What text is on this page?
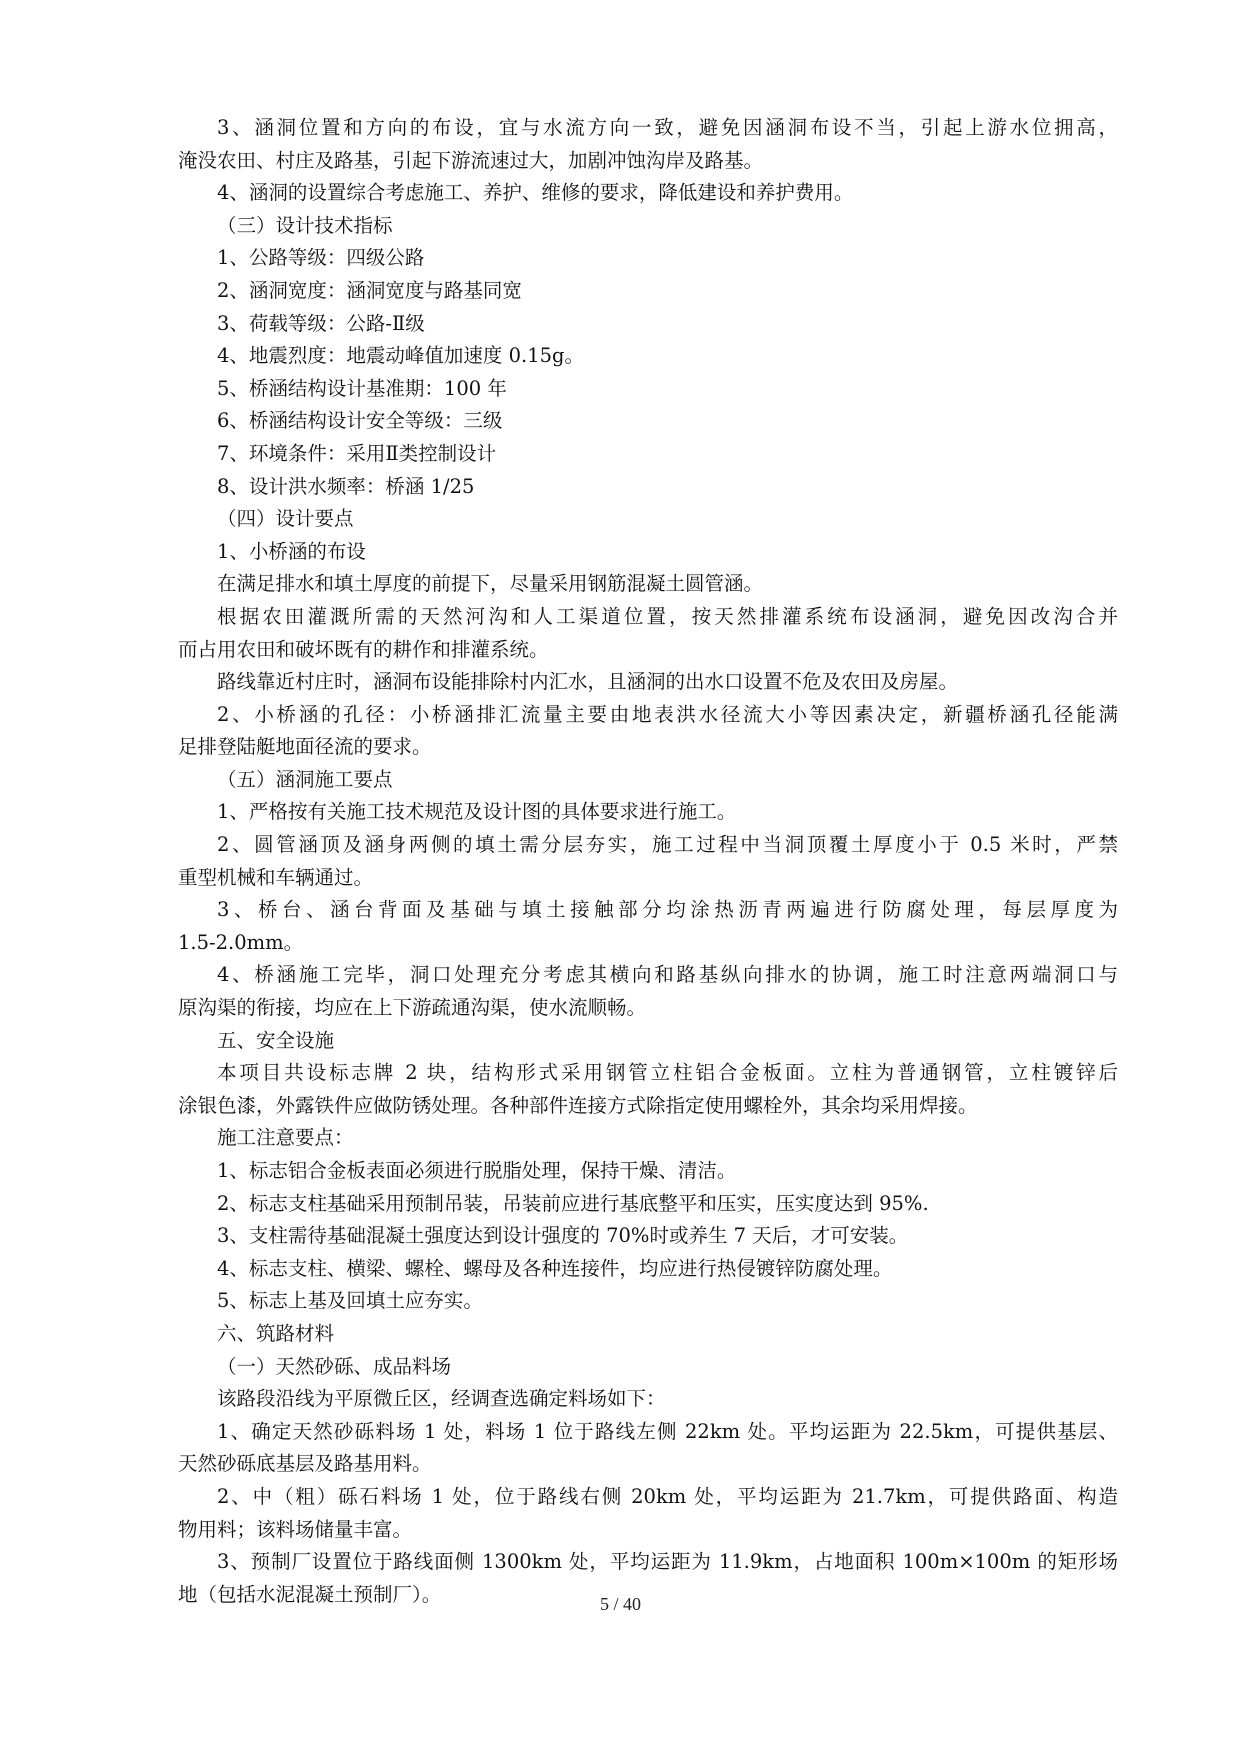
3、涵洞位置和方向的布设，宜与水流方向一致，避免因涵洞布设不当，引起上游水位拥高，
淹没农田、村庄及路基，引起下游流速过大，加剧冲蚀沟岸及路基。
4、涵洞的设置综合考虑施工、养护、维修的要求，降低建设和养护费用。
（三）设计技术指标
1、公路等级：四级公路
2、涵洞宽度：涵洞宽度与路基同宽
3、荷载等级：公路-Ⅱ级
4、地震烈度：地震动峰值加速度 0.15g。
5、桥涵结构设计基准期：100 年
6、桥涵结构设计安全等级：三级
7、环境条件：采用Ⅱ类控制设计
8、设计洪水频率：桥涵 1/25
（四）设计要点
1、小桥涵的布设
在满足排水和填土厚度的前提下，尽量采用钢筋混凝土圆管涵。
根据农田灌溉所需的天然河沟和人工渠道位置，按天然排灌系统布设涵洞，避免因改沟合并
而占用农田和破坏既有的耕作和排灌系统。
路线靠近村庄时，涵洞布设能排除村内汇水，且涵洞的出水口设置不危及农田及房屋。
2、小桥涵的孔径：小桥涵排汇流量主要由地表洪水径流大小等因素决定，新疆桥涵孔径能满
足排登陆艇地面径流的要求。
（五）涵洞施工要点
1、严格按有关施工技术规范及设计图的具体要求进行施工。
2、圆管涵顶及涵身两侧的填土需分层夯实，施工过程中当洞顶覆土厚度小于 0.5 米时，严禁
重型机械和车辆通过。
3、桥台、涵台背面及基础与填土接触部分均涂热沥青两遍进行防腐处理，每层厚度为
1.5-2.0mm。
4、桥涵施工完毕，洞口处理充分考虑其横向和路基纵向排水的协调，施工时注意两端洞口与
原沟渠的衔接，均应在上下游疏通沟渠，使水流顺畅。
五、安全设施
本项目共设标志牌 2 块，结构形式采用钢管立柱铝合金板面。立柱为普通钢管，立柱镀锌后
涂银色漆，外露铁件应做防锈处理。各种部件连接方式除指定使用螺栓外，其余均采用焊接。
施工注意要点：
1、标志铝合金板表面必须进行脱脂处理，保持干燥、清洁。
2、标志支柱基础采用预制吊装，吊装前应进行基底整平和压实，压实度达到 95%.
3、支柱需待基础混凝土强度达到设计强度的 70%时或养生 7 天后，才可安装。
4、标志支柱、横梁、螺栓、螺母及各种连接件，均应进行热侵镀锌防腐处理。
5、标志上基及回填土应夯实。
六、筑路材料
（一）天然砂砾、成品料场
该路段沿线为平原微丘区，经调查选确定料场如下：
1、确定天然砂砾料场 1 处，料场 1 位于路线左侧 22km 处。平均运距为 22.5km，可提供基层、
天然砂砾底基层及路基用料。
2、中（粗）砾石料场 1 处，位于路线右侧 20km 处，平均运距为 21.7km，可提供路面、构造
物用料；该料场储量丰富。
3、预制厂设置位于路线面侧 1300km 处，平均运距为 11.9km，占地面积 100m×100m 的矩形场
地（包括水泥混凝土预制厂）。	5 / 40
